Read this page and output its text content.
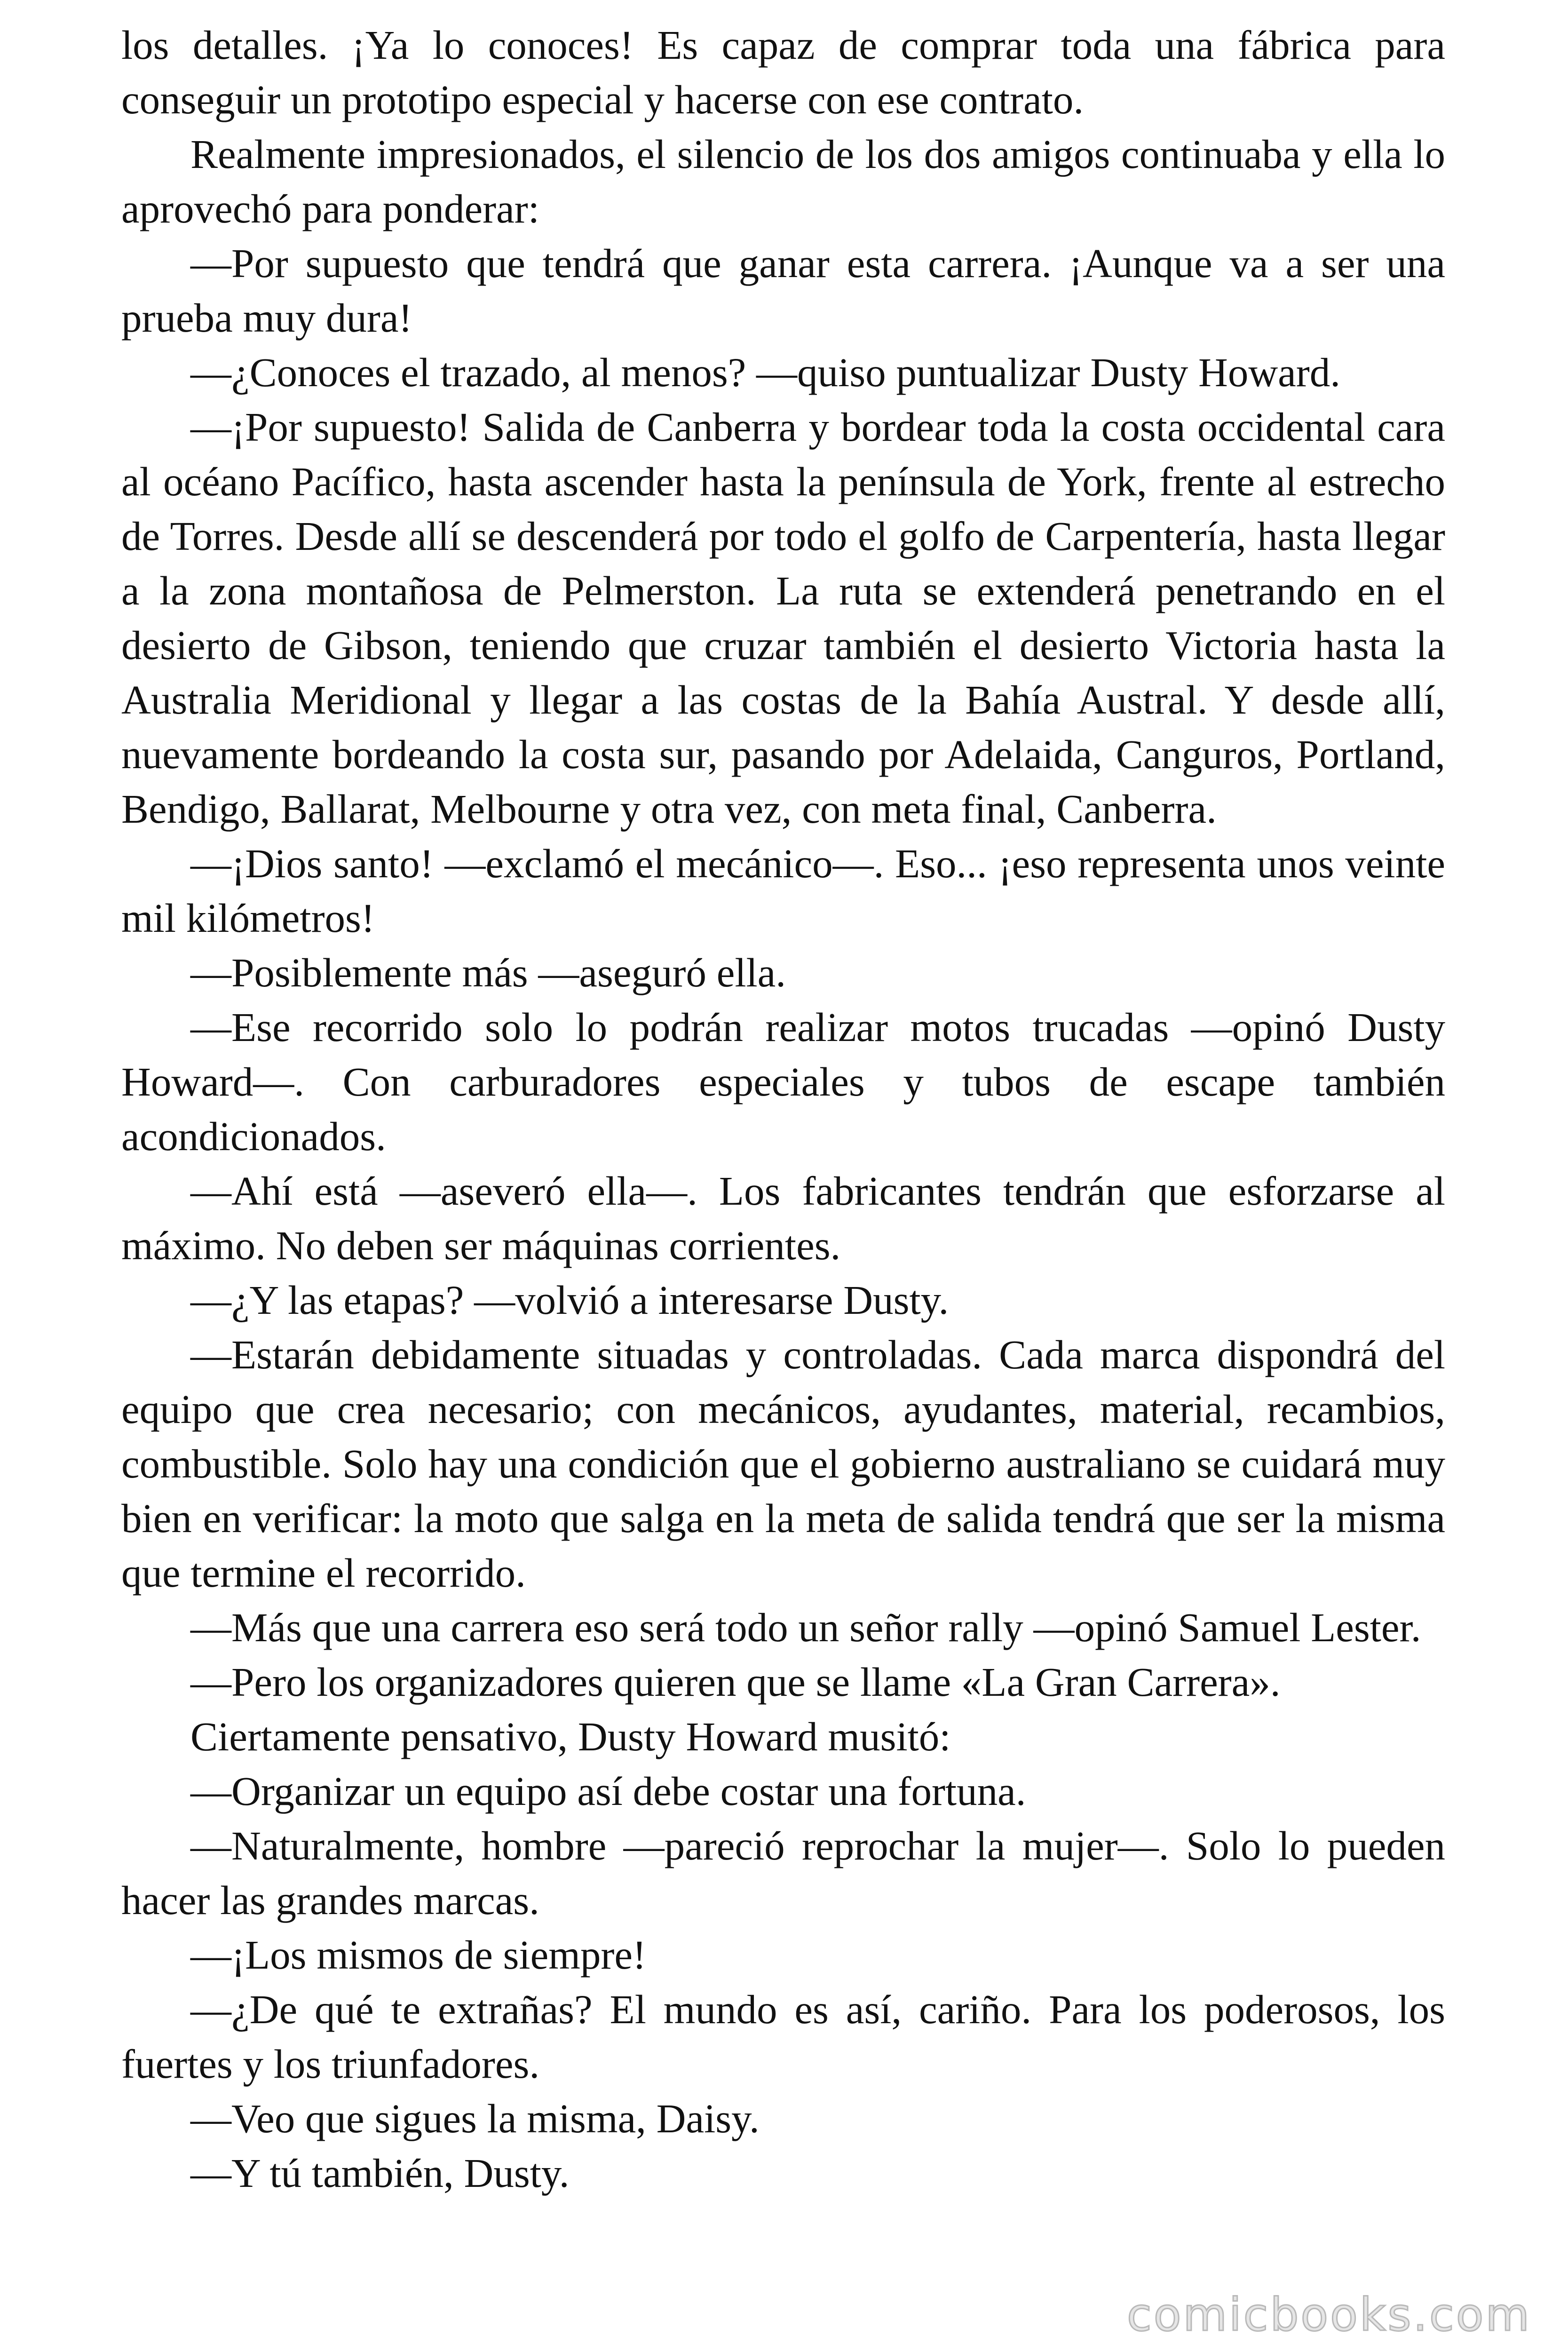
los detalles. ¡Ya lo conoces! Es capaz de comprar toda una fábrica para conseguir un prototipo especial y hacerse con ese contrato.

Realmente impresionados, el silencio de los dos amigos continuaba y ella lo aprovechó para ponderar:

—Por supuesto que tendrá que ganar esta carrera. ¡Aunque va a ser una prueba muy dura!

—¿Conoces el trazado, al menos? —quiso puntualizar Dusty Howard.

—¡Por supuesto! Salida de Canberra y bordear toda la costa occidental cara al océano Pacífico, hasta ascender hasta la península de York, frente al estrecho de Torres. Desde allí se descenderá por todo el golfo de Carpentería, hasta llegar a la zona montañosa de Pelmerston. La ruta se extenderá penetrando en el desierto de Gibson, teniendo que cruzar también el desierto Victoria hasta la Australia Meridional y llegar a las costas de la Bahía Austral. Y desde allí, nuevamente bordeando la costa sur, pasando por Adelaida, Canguros, Portland, Bendigo, Ballarat, Melbourne y otra vez, con meta final, Canberra.

—¡Dios santo! —exclamó el mecánico—. Eso... ¡eso representa unos veinte mil kilómetros!

—Posiblemente más —aseguró ella.

—Ese recorrido solo lo podrán realizar motos trucadas —opinó Dusty Howard—. Con carburadores especiales y tubos de escape también acondicionados.

—Ahí está —aseveró ella—. Los fabricantes tendrán que esforzarse al máximo. No deben ser máquinas corrientes.

—¿Y las etapas? —volvió a interesarse Dusty.

—Estarán debidamente situadas y controladas. Cada marca dispondrá del equipo que crea necesario; con mecánicos, ayudantes, material, recambios, combustible. Solo hay una condición que el gobierno australiano se cuidará muy bien en verificar: la moto que salga en la meta de salida tendrá que ser la misma que termine el recorrido.

—Más que una carrera eso será todo un señor rally —opinó Samuel Lester.

—Pero los organizadores quieren que se llame «La Gran Carrera».

Ciertamente pensativo, Dusty Howard musitó:

—Organizar un equipo así debe costar una fortuna.

—Naturalmente, hombre —pareció reprochar la mujer—. Solo lo pueden hacer las grandes marcas.

—¡Los mismos de siempre!

—¿De qué te extrañas? El mundo es así, cariño. Para los poderosos, los fuertes y los triunfadores.

—Veo que sigues la misma, Daisy.

—Y tú también, Dusty.

comicbooks.com
